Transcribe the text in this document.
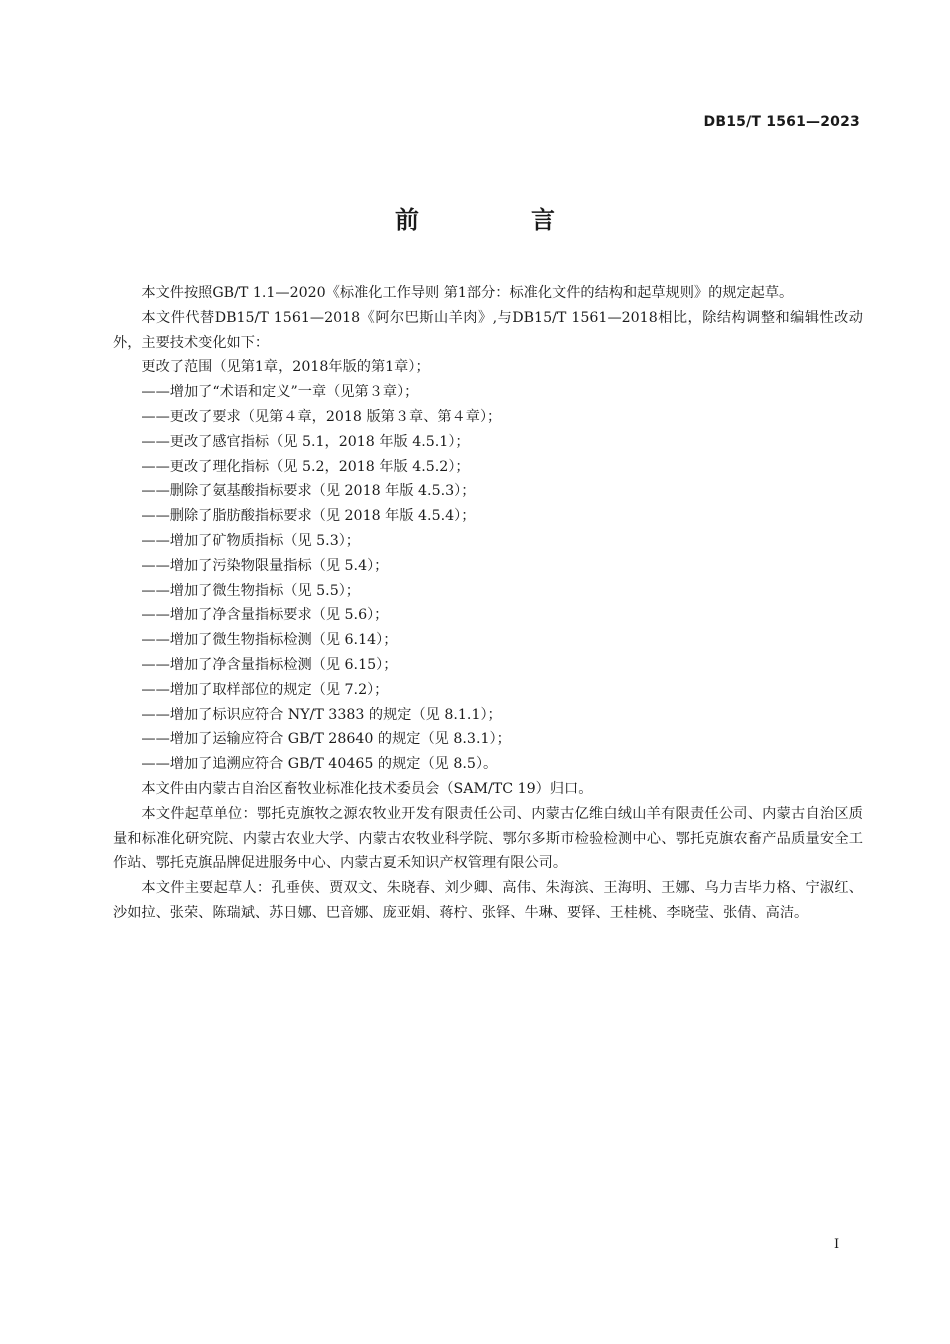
DB15/T 1561—2023
前　言

本文件按照GB/T 1.1—2020《标准化工作导则 第1部分：标准化文件的结构和起草规则》的规定起草。

本文件代替DB15/T 1561—2018《阿尔巴斯山羊肉》,与DB15/T 1561—2018相比，除结构调整和编辑性改动外，主要技术变化如下：

更改了范围（见第1章，2018年版的第1章）；
——增加了“术语和定义”一章（见第３章）；
——更改了要求（见第４章，2018 版第３章、第４章）；
——更改了感官指标（见 5.1，2018 年版 4.5.1）；
——更改了理化指标（见 5.2，2018 年版 4.5.2）；
——删除了氨基酸指标要求（见 2018 年版 4.5.3）；
——删除了脂肪酸指标要求（见 2018 年版 4.5.4）；
——增加了矿物质指标（见 5.3）；
——增加了污染物限量指标（见 5.4）；
——增加了微生物指标（见 5.5）；
——增加了净含量指标要求（见 5.6）；
——增加了微生物指标检测（见 6.14）；
——增加了净含量指标检测（见 6.15）；
——增加了取样部位的规定（见 7.2）；
——增加了标识应符合 NY/T 3383 的规定（见 8.1.1）；
——增加了运输应符合 GB/T 28640 的规定（见 8.3.1）；
——增加了追溯应符合 GB/T 40465 的规定（见 8.5）。

本文件由内蒙古自治区畜牧业标准化技术委员会（SAM/TC 19）归口。

本文件起草单位：鄂托克旗牧之源农牧业开发有限责任公司、内蒙古亿维白绒山羊有限责任公司、内蒙古自治区质量和标准化研究院、内蒙古农业大学、内蒙古农牧业科学院、鄂尔多斯市检验检测中心、鄂托克旗农畜产品质量安全工作站、鄂托克旗品牌促进服务中心、内蒙古夏禾知识产权管理有限公司。

本文件主要起草人：孔垂侠、贾双文、朱晓春、刘少卿、高伟、朱海滨、王海明、王娜、乌力吉毕力格、宁淑红、沙如拉、张荣、陈瑞斌、苏日娜、巴音娜、庞亚娟、蒋柠、张铎、牛琳、要铎、王桂桃、李晓莹、张倩、高洁。

I
